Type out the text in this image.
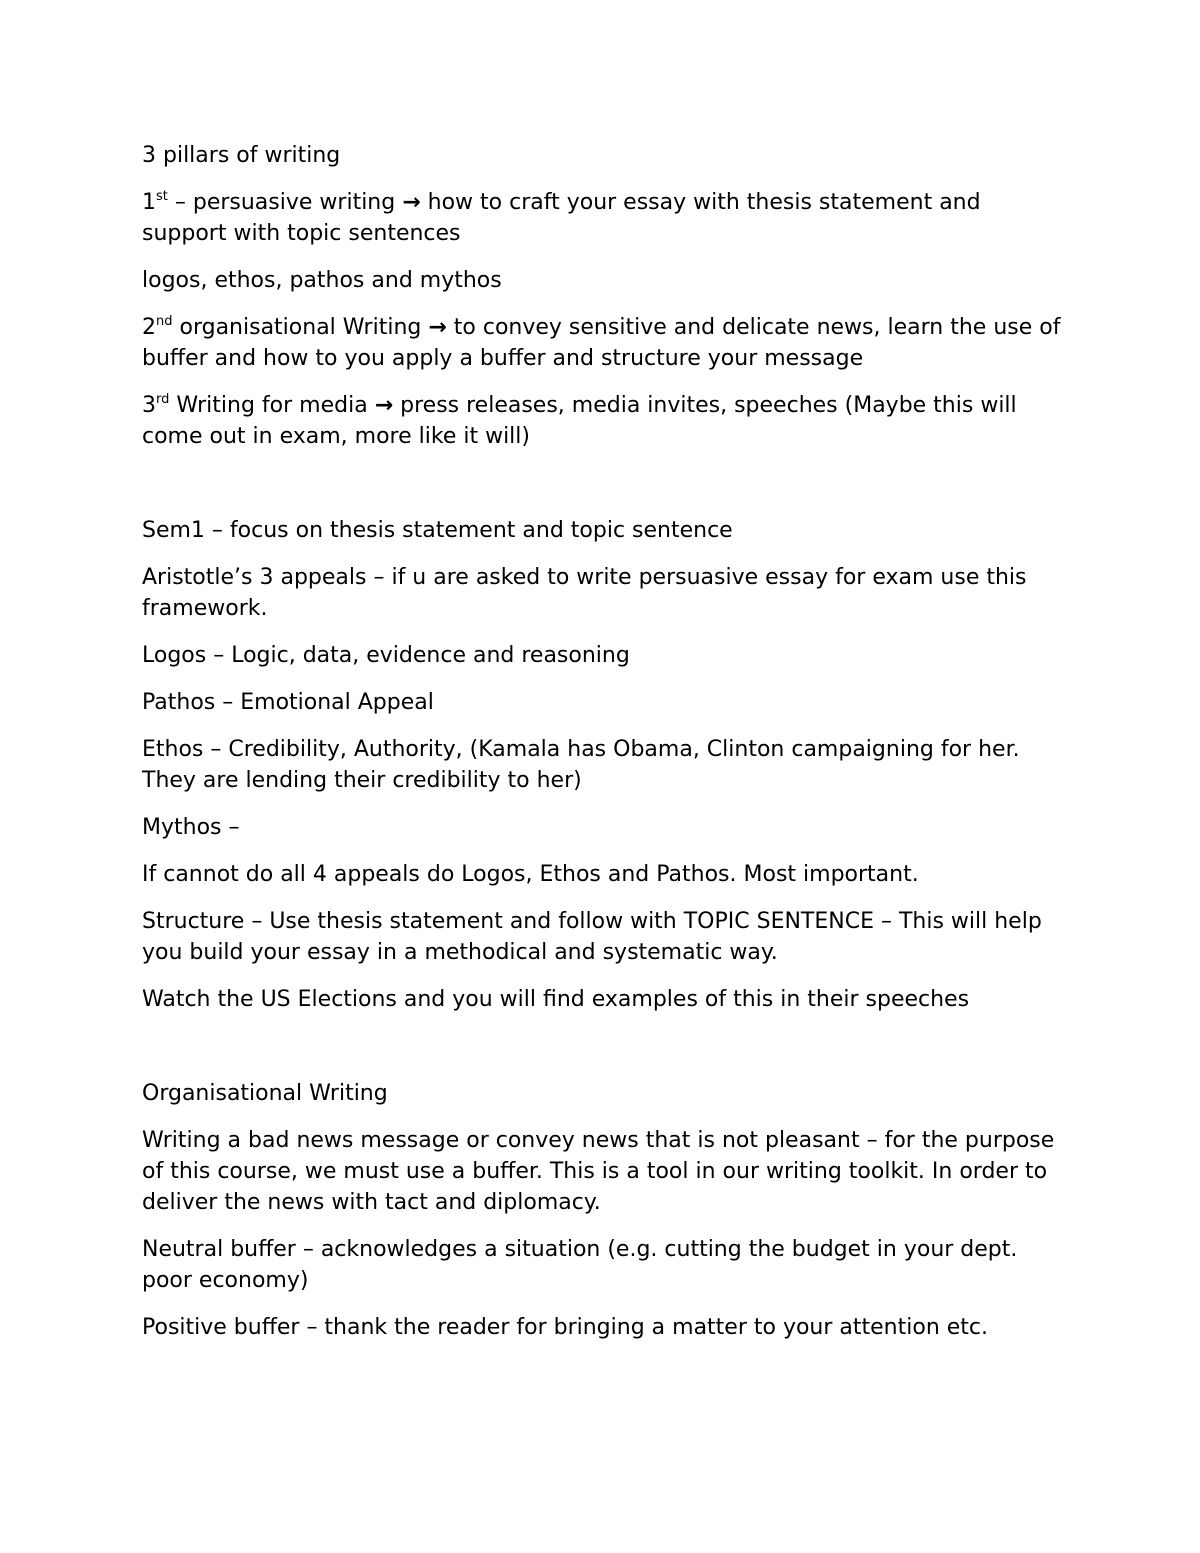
3 pillars of writing

1st – persuasive writing → how to craft your essay with thesis statement and support with topic sentences

logos, ethos, pathos and mythos

2nd organisational Writing → to convey sensitive and delicate news, learn the use of buffer and how to you apply a buffer and structure your message

3rd Writing for media → press releases, media invites, speeches (Maybe this will come out in exam, more like it will)

Sem1 – focus on thesis statement and topic sentence

Aristotle’s 3 appeals – if u are asked to write persuasive essay for exam use this framework.

Logos – Logic, data, evidence and reasoning

Pathos – Emotional Appeal

Ethos – Credibility, Authority, (Kamala has Obama, Clinton campaigning for her. They are lending their credibility to her)

Mythos –

If cannot do all 4 appeals do Logos, Ethos and Pathos. Most important.

Structure – Use thesis statement and follow with TOPIC SENTENCE – This will help you build your essay in a methodical and systematic way.

Watch the US Elections and you will find examples of this in their speeches

Organisational Writing

Writing a bad news message or convey news that is not pleasant – for the purpose of this course, we must use a buffer. This is a tool in our writing toolkit. In order to deliver the news with tact and diplomacy.

Neutral buffer – acknowledges a situation (e.g. cutting the budget in your dept. poor economy)

Positive buffer – thank the reader for bringing a matter to your attention etc.
